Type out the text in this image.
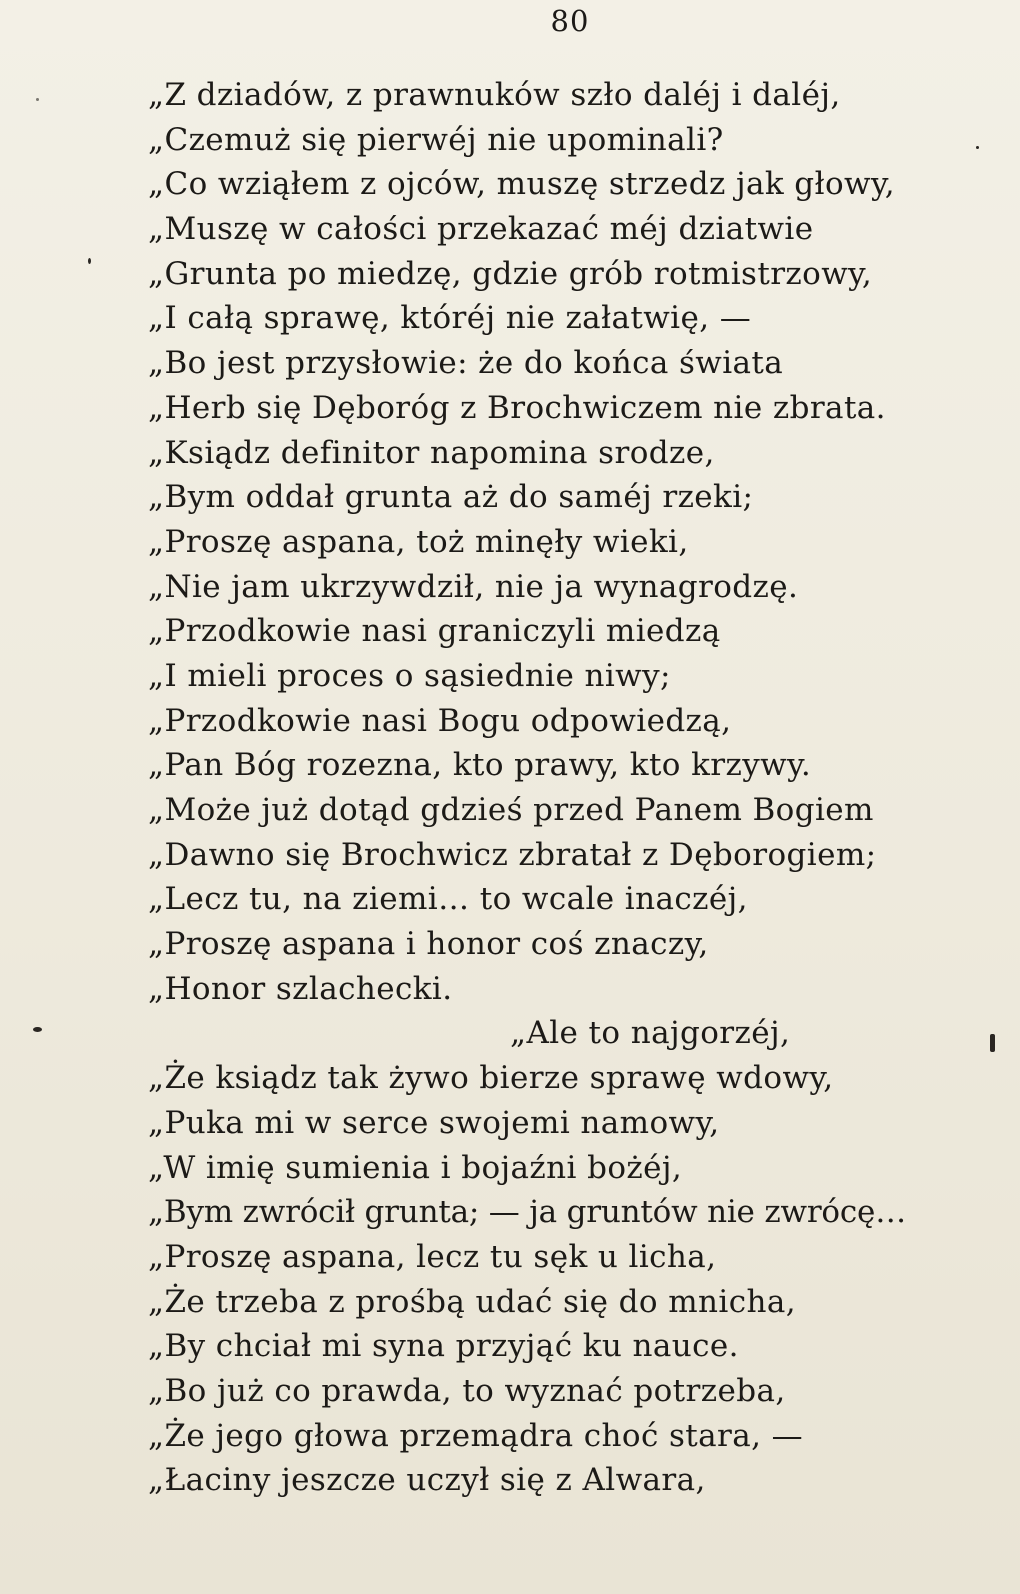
80
„Z dziadów, z prawnuków szło daléj i daléj,
„Czemuż się pierwéj nie upominali?
„Co wziąłem z ojców, muszę strzedz jak głowy,
„Muszę w całości przekazać méj dziatwie
„Grunta po miedzę, gdzie grób rotmistrzowy,
„I całą sprawę, któréj nie załatwię, —
„Bo jest przysłowie: że do końca świata
„Herb się Dęboróg z Brochwiczem nie zbrata.
„Ksiądz definitor napomina srodze,
„Bym oddał grunta aż do saméj rzeki;
„Proszę aspana, toż minęły wieki,
„Nie jam ukrzywdził, nie ja wynagrodzę.
„Przodkowie nasi graniczyli miedzą
„I mieli proces o sąsiednie niwy;
„Przodkowie nasi Bogu odpowiedzą,
„Pan Bóg rozezna, kto prawy, kto krzywy.
„Może już dotąd gdzieś przed Panem Bogiem
„Dawno się Brochwicz zbratał z Dęborogiem;
„Lecz tu, na ziemi… to wcale inaczéj,
„Proszę aspana i honor coś znaczy,
„Honor szlachecki.
„Ale to najgorzéj,
„Że ksiądz tak żywo bierze sprawę wdowy,
„Puka mi w serce swojemi namowy,
„W imię sumienia i bojaźni bożéj,
„Bym zwrócił grunta; — ja gruntów nie zwrócę…
„Proszę aspana, lecz tu sęk u licha,
„Że trzeba z prośbą udać się do mnicha,
„By chciał mi syna przyjąć ku nauce.
„Bo już co prawda, to wyznać potrzeba,
„Że jego głowa przemądra choć stara, —
„Łaciny jeszcze uczył się z Alwara,
